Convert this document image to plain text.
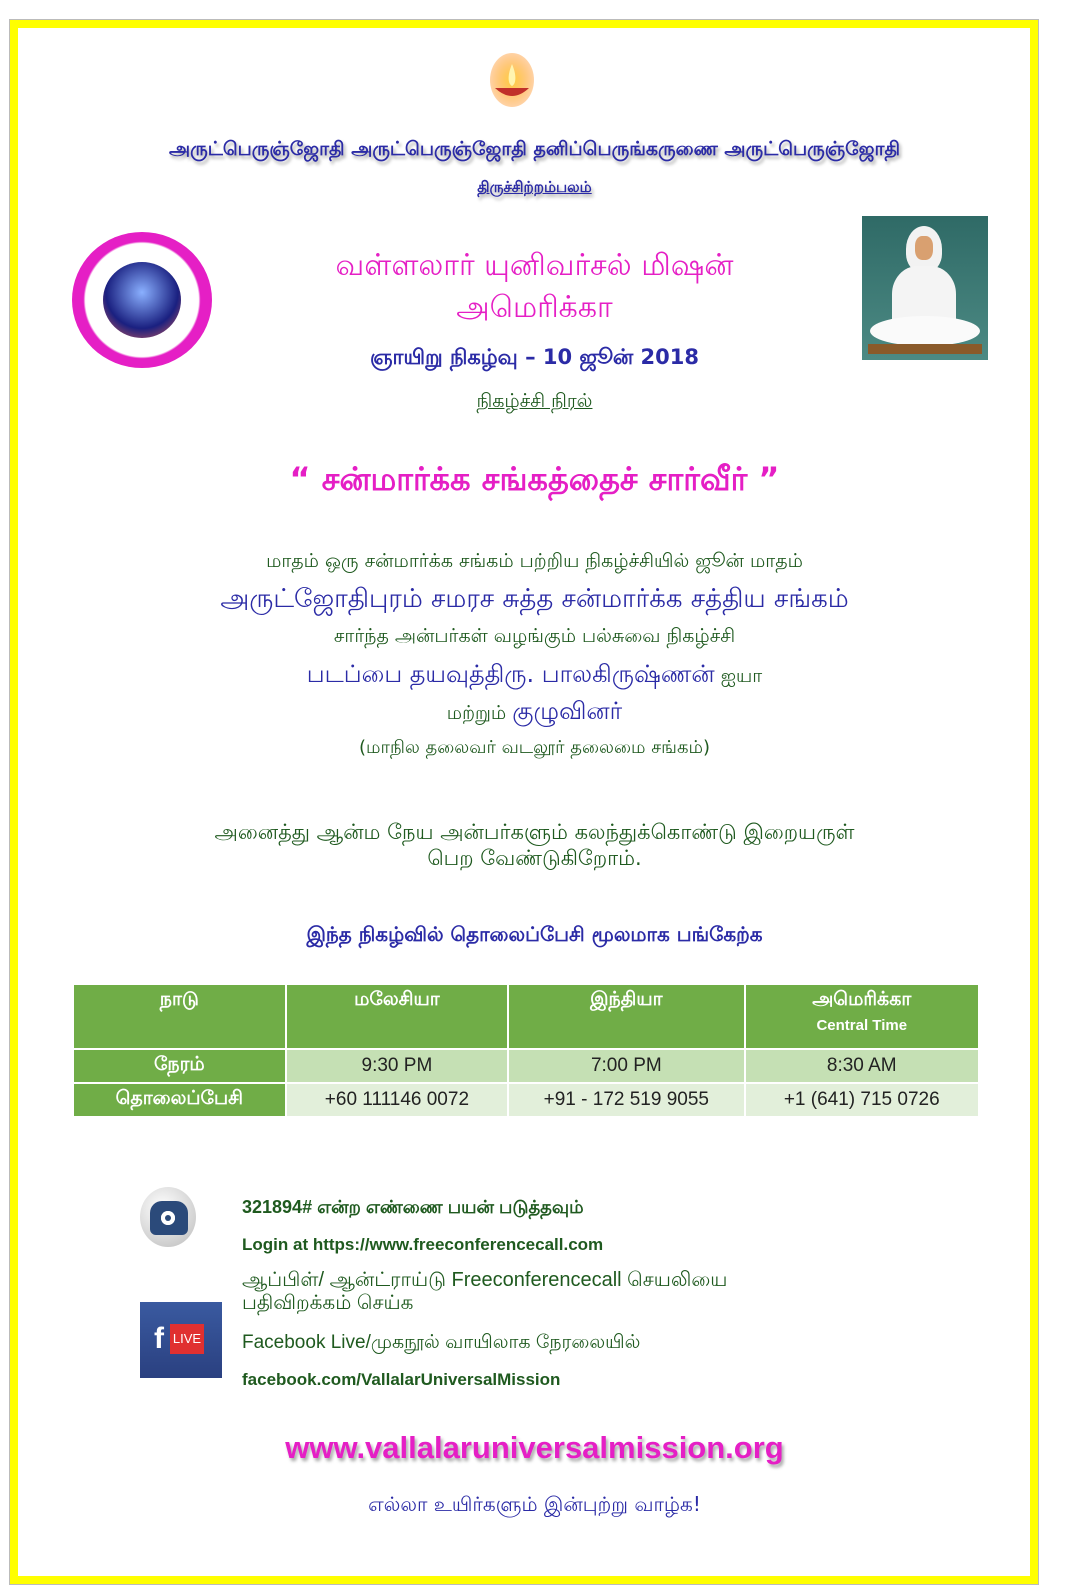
அருட்பெருஞ்ஜோதி அருட்பெருஞ்ஜோதி தனிப்பெருங்கருணை அருட்பெருஞ்ஜோதி
திருச்சிற்றம்பலம்
வள்ளலார் யுனிவர்சல் மிஷன்
அமெரிக்கா
ஞாயிறு நிகழ்வு – 10 ஜூன் 2018
நிகழ்ச்சி நிரல்
“ சன்மார்க்க சங்கத்தைச் சார்வீர் ”
மாதம் ஒரு சன்மார்க்க சங்கம் பற்றிய நிகழ்ச்சியில் ஜூன் மாதம்
அருட்ஜோதிபுரம் சமரச சுத்த சன்மார்க்க சத்திய சங்கம்
சார்ந்த அன்பர்கள் வழங்கும் பல்சுவை நிகழ்ச்சி
படப்பை தயவுத்திரு. பாலகிருஷ்ணன் ஐயா
மற்றும் குழுவினர்
(மாநில தலைவர் வடலூர் தலைமை சங்கம்)
அனைத்து ஆன்ம நேய அன்பர்களும் கலந்துக்கொண்டு இறையருள்
பெற வேண்டுகிறோம்.
இந்த நிகழ்வில் தொலைப்பேசி மூலமாக பங்கேற்க
நாடு	மலேசியா	இந்தியா	அமெரிக்கா
Central Time

நேரம்	9:30 PM	7:00 PM	8:30 AM
தொலைப்பேசி	+60 111146 0072	+91 - 172 519 9055	+1 (641) 715 0726
f LIVE
321894# என்ற எண்ணை பயன் படுத்தவும்
Login at https://www.freeconferencecall.com
ஆப்பிள்/ ஆன்ட்ராய்டு Freeconferencecall செயலியை
பதிவிறக்கம் செய்க
Facebook Live/முகநூல் வாயிலாக நேரலையில்
facebook.com/VallalarUniversalMission
www.vallalaruniversalmission.org
எல்லா உயிர்களும் இன்புற்று வாழ்க!
